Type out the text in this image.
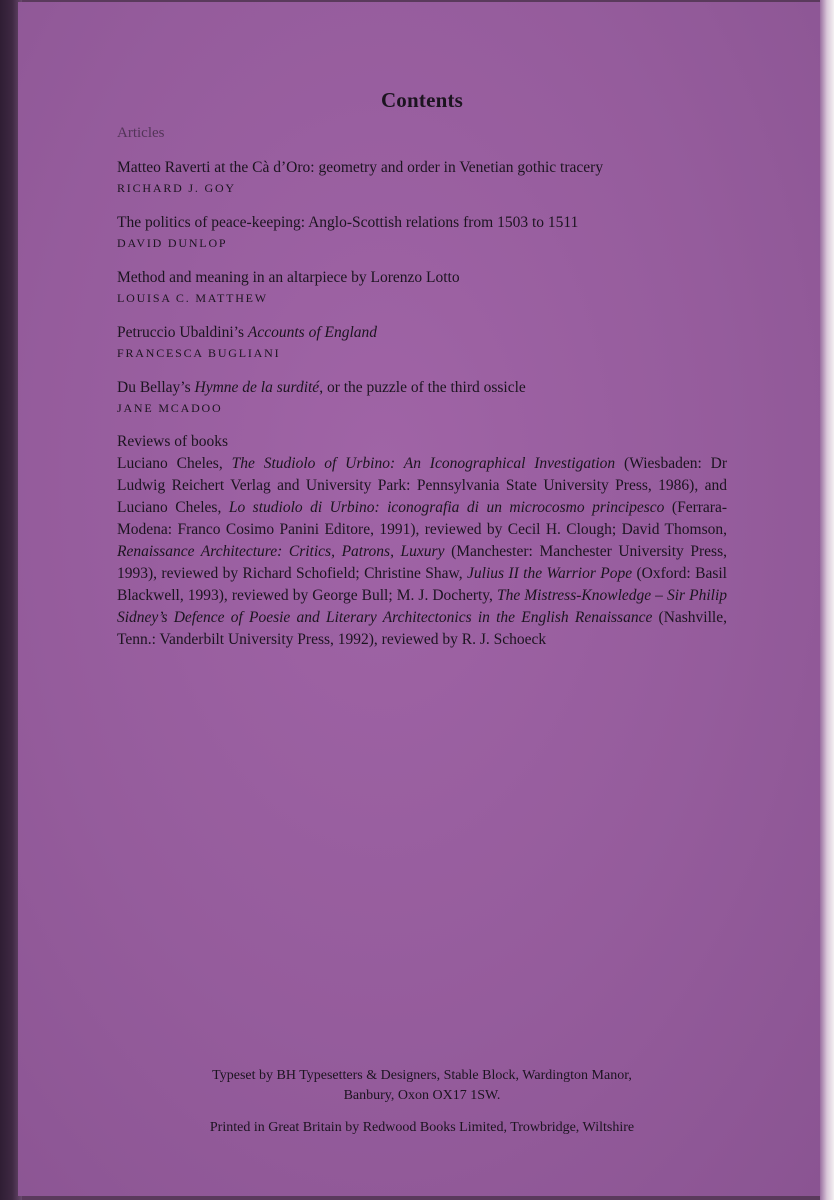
Contents
Articles
Matteo Raverti at the Cà d’Oro: geometry and order in Venetian gothic tracery
RICHARD J. GOY
The politics of peace-keeping: Anglo-Scottish relations from 1503 to 1511
DAVID DUNLOP
Method and meaning in an altarpiece by Lorenzo Lotto
LOUISA C. MATTHEW
Petruccio Ubaldini’s Accounts of England
FRANCESCA BUGLIANI
Du Bellay’s Hymne de la surdité, or the puzzle of the third ossicle
JANE MCADOO
Reviews of books
Luciano Cheles, The Studiolo of Urbino: An Iconographical Investigation (Wiesbaden: Dr Ludwig Reichert Verlag and University Park: Pennsylvania State University Press, 1986), and Luciano Cheles, Lo studiolo di Urbino: iconografia di un microcosmo principesco (Ferrara-Modena: Franco Cosimo Panini Editore, 1991), reviewed by Cecil H. Clough; David Thomson, Renaissance Architecture: Critics, Patrons, Luxury (Manchester: Manchester University Press, 1993), reviewed by Richard Schofield; Christine Shaw, Julius II the Warrior Pope (Oxford: Basil Blackwell, 1993), reviewed by George Bull; M. J. Docherty, The Mistress-Knowledge – Sir Philip Sidney’s Defence of Poesie and Literary Architectonics in the English Renaissance (Nashville, Tenn.: Vanderbilt University Press, 1992), reviewed by R. J. Schoeck

Typeset by BH Typesetters & Designers, Stable Block, Wardington Manor,
Banbury, Oxon OX17 1SW.

Printed in Great Britain by Redwood Books Limited, Trowbridge, Wiltshire
